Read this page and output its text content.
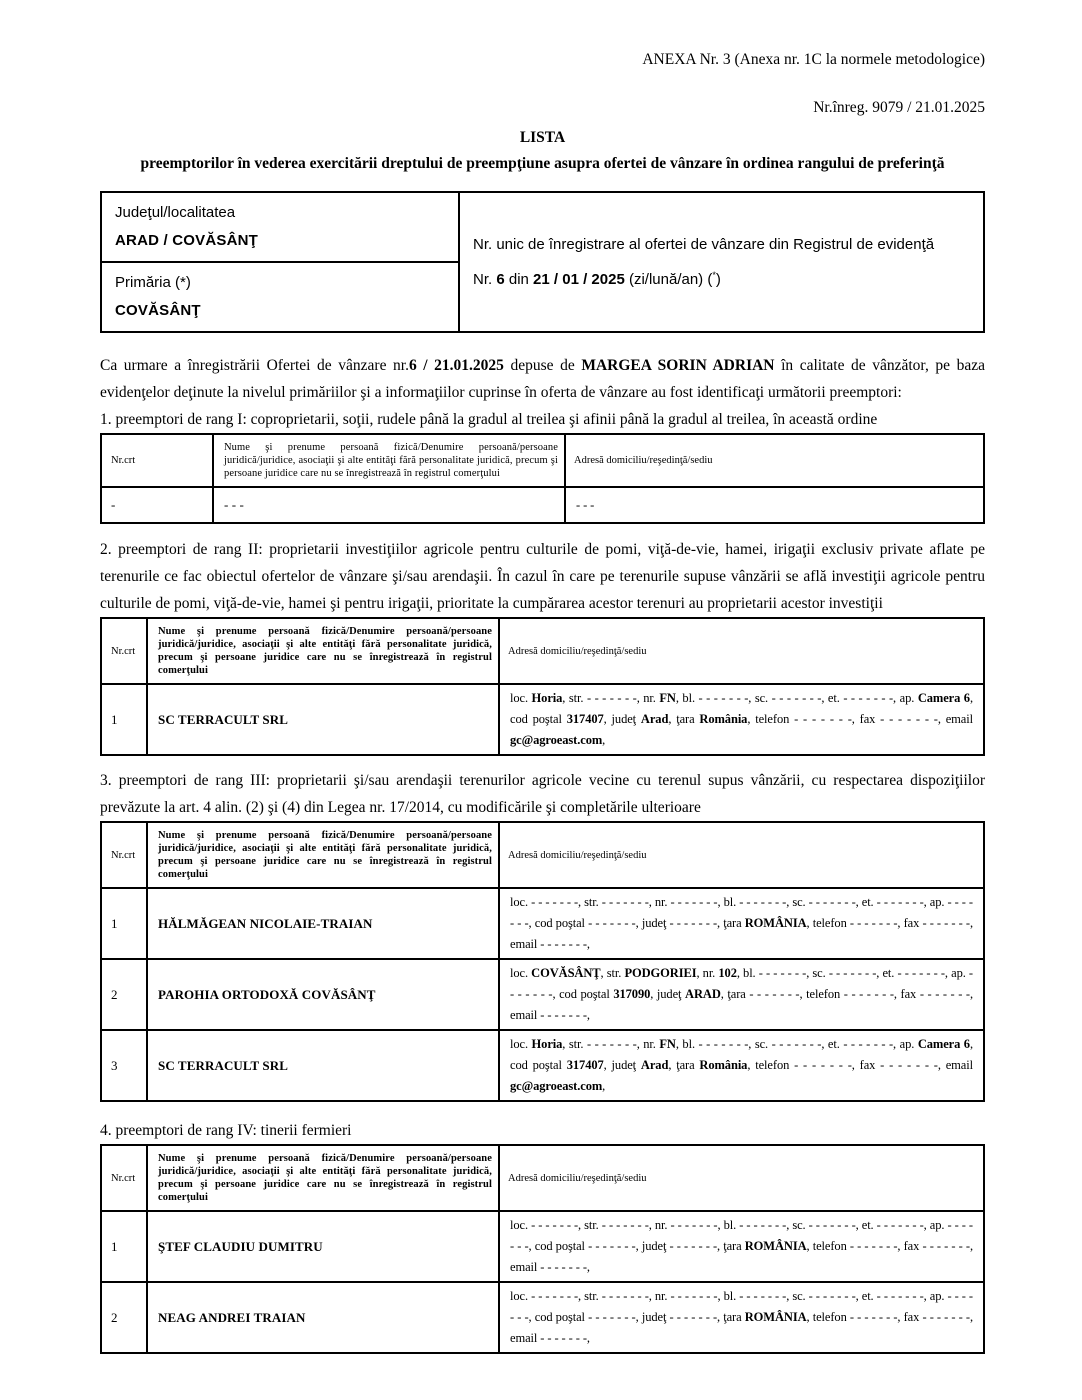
ANEXA Nr. 3 (Anexa nr. 1C la normele metodologice)
Nr.înreg. 9079 / 21.01.2025
LISTA
preemptorilor în vederea exercitării dreptului de preempţiune asupra ofertei de vânzare în ordinea rangului de preferinţă
Judeţul/localitatea
ARAD / COVĂSÂNŢ	Nr. unic de înregistrare al ofertei de vânzare din Registrul de evidenţă
Nr. 6 din 21 / 01 / 2025 (zi/lună/an) (*)

Primăria (*)
COVĂSÂNŢ

Ca urmare a înregistrării Ofertei de vânzare nr.6 / 21.01.2025 depuse de MARGEA SORIN ADRIAN în calitate de vânzător, pe baza evidenţelor deţinute la nivelul primăriilor şi a informaţiilor cuprinse în oferta de vânzare au fost identificaţi următorii preemptori:

1. preemptori de rang I: coproprietarii, soţii, rudele până la gradul al treilea şi afinii până la gradul al treilea, în această ordine

Nr.crt	Nume şi prenume persoană fizică/Denumire persoană/persoane juridică/juridice, asociaţii şi alte entităţi fără personalitate juridică, precum şi persoane juridice care nu se înregistrează în registrul comerţului	Adresă domiciliu/reşedinţă/sediu
-	- - -	- - -

2. preemptori de rang II: proprietarii investiţiilor agricole pentru culturile de pomi, viţă-de-vie, hamei, irigaţii exclusiv private aflate pe terenurile ce fac obiectul ofertelor de vânzare şi/sau arendaşii. În cazul în care pe terenurile supuse vânzării se află investiţii agricole pentru culturile de pomi, viţă-de-vie, hamei şi pentru irigaţii, prioritate la cumpărarea acestor terenuri au proprietarii acestor investiţii

Nr.crt	Nume şi prenume persoană fizică/Denumire persoană/persoane juridică/juridice, asociaţii şi alte entităţi fără personalitate juridică, precum şi persoane juridice care nu se înregistrează în registrul comerţului	Adresă domiciliu/reşedinţă/sediu
1	SC TERRACULT SRL	loc. Horia, str. - - - - - - -, nr. FN, bl. - - - - - - -, sc. - - - - - - -, et. - - - - - - -, ap. Camera 6, cod poştal 317407, judeţ Arad, ţara România, telefon - - - - - - -, fax - - - - - - -, email gc@agroeast.com,

3. preemptori de rang III: proprietarii şi/sau arendaşii terenurilor agricole vecine cu terenul supus vânzării, cu respectarea dispoziţiilor prevăzute la art. 4 alin. (2) şi (4) din Legea nr. 17/2014, cu modificările şi completările ulterioare

Nr.crt	Nume şi prenume persoană fizică/Denumire persoană/persoane juridică/juridice, asociaţii şi alte entităţi fără personalitate juridică, precum şi persoane juridice care nu se înregistrează în registrul comerţului	Adresă domiciliu/reşedinţă/sediu
1	HĂLMĂGEAN NICOLAIE-TRAIAN	loc. - - - - - - -, str. - - - - - - -, nr. - - - - - - -, bl. - - - - - - -, sc. - - - - - - -, et. - - - - - - -, ap. - - - - - - -, cod poştal - - - - - - -, judeţ - - - - - - -, ţara ROMÂNIA, telefon - - - - - - -, fax - - - - - - -, email - - - - - - -,
2	PAROHIA ORTODOXĂ COVĂSÂNŢ	loc. COVĂSÂNŢ, str. PODGORIEI, nr. 102, bl. - - - - - - -, sc. - - - - - - -, et. - - - - - - -, ap. - - - - - - -, cod poştal 317090, judeţ ARAD, ţara - - - - - - -, telefon - - - - - - -, fax - - - - - - -, email - - - - - - -,
3	SC TERRACULT SRL	loc. Horia, str. - - - - - - -, nr. FN, bl. - - - - - - -, sc. - - - - - - -, et. - - - - - - -, ap. Camera 6, cod poştal 317407, judeţ Arad, ţara România, telefon - - - - - - -, fax - - - - - - -, email gc@agroeast.com,

4. preemptori de rang IV: tinerii fermieri

Nr.crt	Nume şi prenume persoană fizică/Denumire persoană/persoane juridică/juridice, asociaţii şi alte entităţi fără personalitate juridică, precum şi persoane juridice care nu se înregistrează în registrul comerţului	Adresă domiciliu/reşedinţă/sediu
1	ŞTEF CLAUDIU DUMITRU	loc. - - - - - - -, str. - - - - - - -, nr. - - - - - - -, bl. - - - - - - -, sc. - - - - - - -, et. - - - - - - -, ap. - - - - - - -, cod poştal - - - - - - -, judeţ - - - - - - -, ţara ROMÂNIA, telefon - - - - - - -, fax - - - - - - -, email - - - - - - -,
2	NEAG ANDREI TRAIAN	loc. - - - - - - -, str. - - - - - - -, nr. - - - - - - -, bl. - - - - - - -, sc. - - - - - - -, et. - - - - - - -, ap. - - - - - - -, cod poştal - - - - - - -, judeţ - - - - - - -, ţara ROMÂNIA, telefon - - - - - - -, fax - - - - - - -, email - - - - - - -,
